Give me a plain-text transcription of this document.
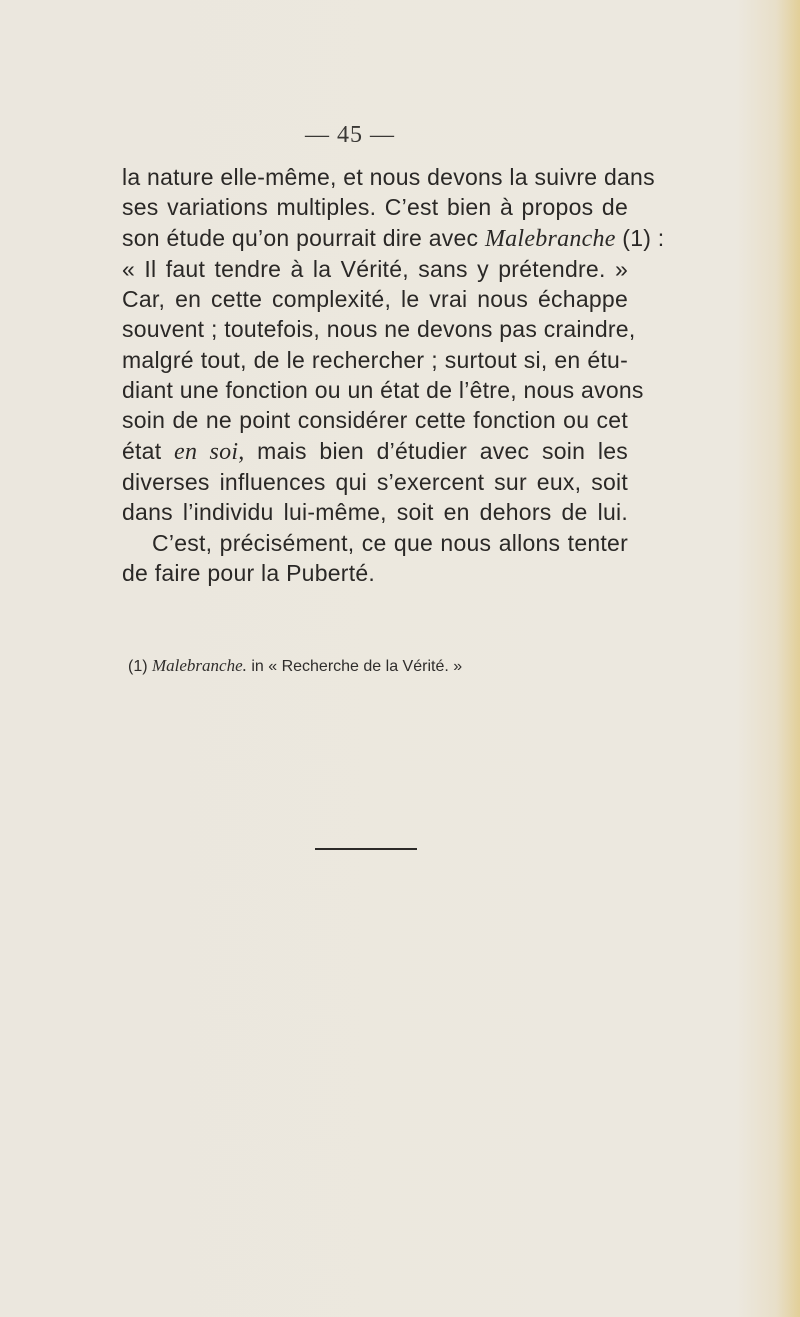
— 45 —
la nature elle-même, et nous devons la suivre dans
ses variations multiples. C’est bien à propos de
son étude qu’on pourrait dire avec Malebranche (1) :
« Il faut tendre à la Vérité, sans y prétendre. »
Car, en cette complexité, le vrai nous échappe
souvent ; toutefois, nous ne devons pas craindre,
malgré tout, de le rechercher ; surtout si, en étu-
diant une fonction ou un état de l’être, nous avons
soin de ne point considérer cette fonction ou cet
état en soi, mais bien d’étudier avec soin les
diverses influences qui s’exercent sur eux, soit
dans l’individu lui-même, soit en dehors de lui.
C’est, précisément, ce que nous allons tenter
de faire pour la Puberté.
(1) Malebranche. in « Recherche de la Vérité. »
